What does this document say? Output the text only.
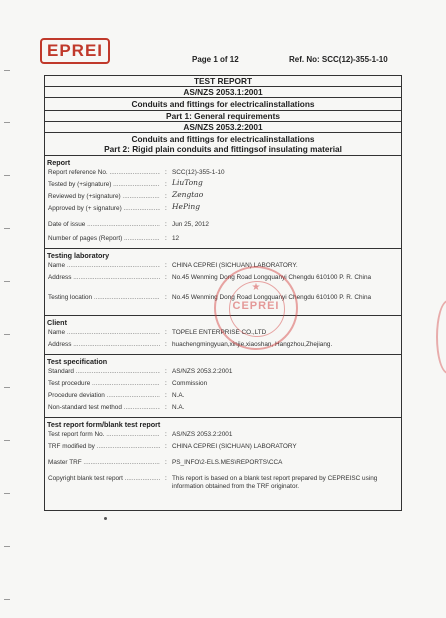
EPREI	Page 1 of 12	Ref. No: SCC(12)-355-1-10
TEST REPORT
AS/NZS 2053.1:2001
Conduits and fittings for electricalinstallations
Part 1: General requirements
AS/NZS 2053.2:2001
Conduits and fittings for electricalinstallations
Part 2: Rigid plain conduits and fittingsof insulating material
Report
Report reference No. .....	: SCC(12)-355-1-10
Tested by (+signature) .....	: LiuTong
Reviewed by (+signature) .....	: Zengtao
Approved by (+ signature) .....	: HePing
Date of issue .....	: Jun 25, 2012
Number of pages (Report) .....	: 12
Testing laboratory
Name .....	: CHINA CEPREI (SICHUAN) LABORATORY.
Address .....	: No.45 Wenming Dong Road Longquanyi Chengdu 610100 P. R. China
Testing location .....	: No.45 Wenming Dong Road Longquanyi Chengdu 610100 P. R. China
Client
Name .....	: TOPELE ENTERPRISE CO.,LTD
Address .....	: huachengmingyuan,xinjie,xiaoshan, Hangzhou,Zhejiang.
Test specification
Standard .....	: AS/NZS 2053.2:2001
Test procedure .....	: Commission
Procedure deviation .....	: N.A.
Non-standard test method .....	: N.A.
Test report form/blank test report
Test report form No. .....	: AS/NZS 2053.2:2001
TRF modified by .....	: CHINA CEPREI (SICHUAN) LABORATORY
Master TRF .....	: PS_INFO\2-ELS.MES\REPORTS\CCA
Copyright blank test report .....	: This report is based on a blank test report prepared by CEPREISC using information obtained from the TRF originator.
★
CEPREI
